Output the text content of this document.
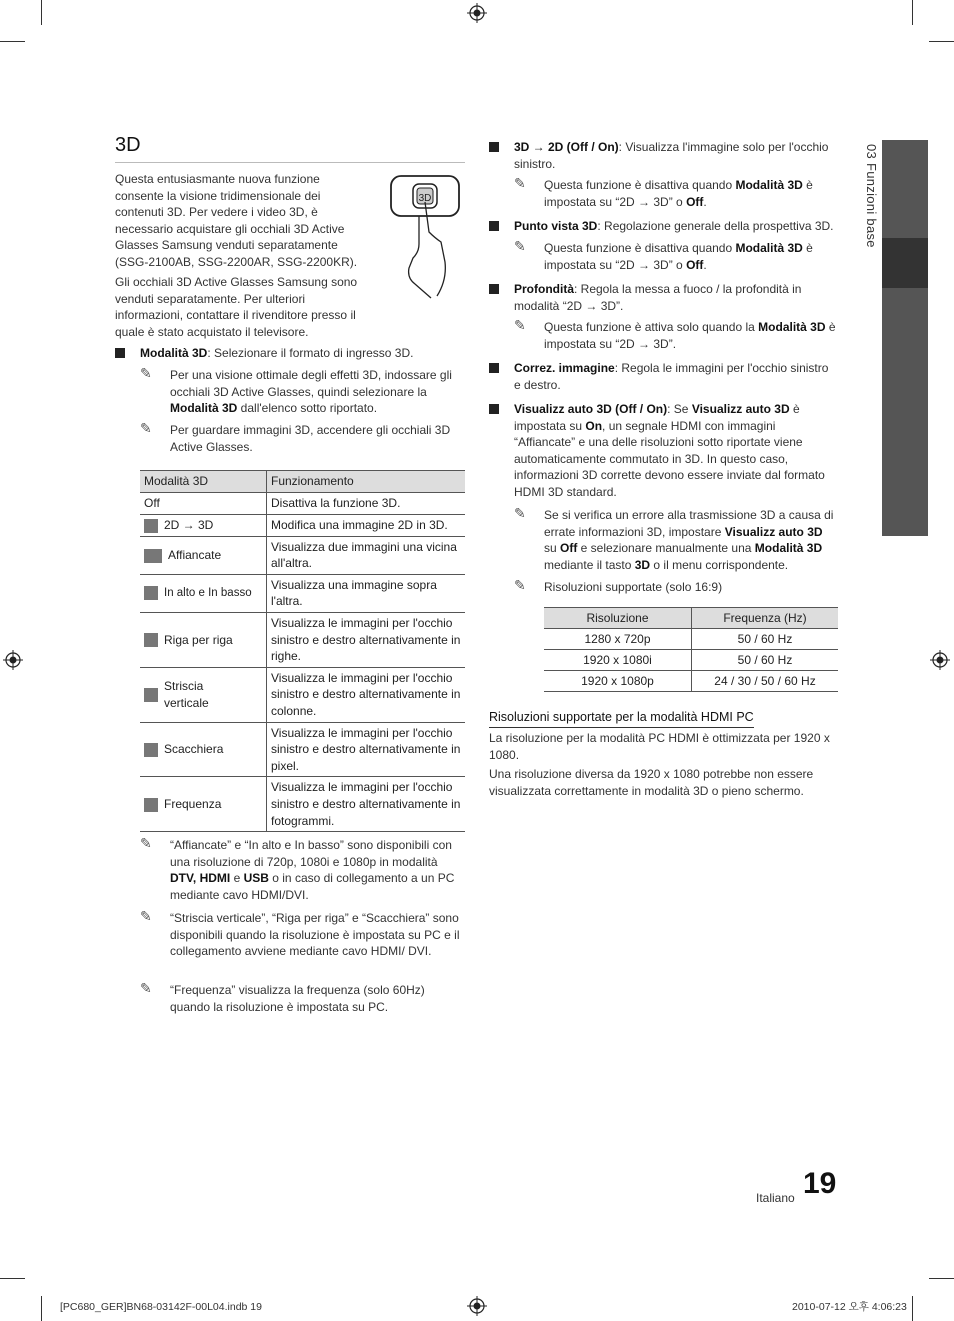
03 Funzioni base
3D
Questa entusiasmante nuova funzione consente la visione tridimensionale dei contenuti 3D. Per vedere i video 3D, è necessario acquistare gli occhiali 3D Active Glasses Samsung venduti separatamente (SSG-2100AB, SSG-2200AR, SSG-2200KR).
Gli occhiali 3D Active Glasses Samsung sono venduti separatamente. Per ulteriori informazioni, contattare il rivenditore presso il quale è stato acquistato il televisore.
3D
Modalità 3D: Selezionare il formato di ingresso 3D.
✎ Per una visione ottimale degli effetti 3D, indossare gli occhiali 3D Active Glasses, quindi selezionare la Modalità 3D dall'elenco sotto riportato.
✎ Per guardare immagini 3D, accendere gli occhiali 3D Active Glasses.
Modalità 3D	Funzionamento
Off	Disattiva la funzione 3D.
2D → 3D	Modifica una immagine 2D in 3D.
Affiancate	Visualizza due immagini una vicina all'altra.
In alto e In basso	Visualizza una immagine sopra l'altra.
Riga per riga	Visualizza le immagini per l'occhio sinistro e destro alternativamente in righe.

Striscia verticale	Visualizza le immagini per l'occhio sinistro e destro alternativamente in colonne.
Scacchiera	Visualizza le immagini per l'occhio sinistro e destro alternativamente in pixel.
Frequenza	Visualizza le immagini per l'occhio sinistro e destro alternativamente in fotogrammi.
✎ “Affiancate” e “In alto e In basso” sono disponibili con una risoluzione di 720p, 1080i e 1080p in modalità DTV, HDMI e USB o in caso di collegamento a un PC mediante cavo HDMI/DVI.
✎ “Striscia verticale”, “Riga per riga” e “Scacchiera” sono disponibili quando la risoluzione è impostata su PC e il collegamento avviene mediante cavo HDMI/ DVI.
✎ “Frequenza” visualizza la frequenza (solo 60Hz) quando la risoluzione è impostata su PC.
3D → 2D (Off / On): Visualizza l'immagine solo per l'occhio sinistro.
✎ Questa funzione è disattiva quando Modalità 3D è impostata su “2D → 3D” o Off.
Punto vista 3D: Regolazione generale della prospettiva 3D.
✎ Questa funzione è disattiva quando Modalità 3D è impostata su “2D → 3D” o Off.
Profondità: Regola la messa a fuoco / la profondità in modalità “2D → 3D”.
✎ Questa funzione è attiva solo quando la Modalità 3D è impostata su “2D → 3D”.
Correz. immagine: Regola le immagini per l'occhio sinistro e destro.
Visualizz auto 3D (Off / On): Se Visualizz auto 3D è impostata su On, un segnale HDMI con immagini “Affiancate” e una delle risoluzioni sotto riportate viene automaticamente commutato in 3D. In questo caso, informazioni 3D corrette devono essere inviate dal formato HDMI 3D standard.
✎ Se si verifica un errore alla trasmissione 3D a causa di errate informazioni 3D, impostare Visualizz auto 3D su Off e selezionare manualmente una Modalità 3D mediante il tasto 3D o il menu corrispondente.
✎ Risoluzioni supportate (solo 16:9)
Risoluzione	Frequenza (Hz)
1280 x 720p	50 / 60 Hz
1920 x 1080i	50 / 60 Hz
1920 x 1080p	24 / 30 / 50 / 60 Hz
Risoluzioni supportate per la modalità HDMI PC
La risoluzione per la modalità PC HDMI è ottimizzata per 1920 x 1080.
Una risoluzione diversa da 1920 x 1080 potrebbe non essere visualizzata correttamente in modalità 3D o pieno schermo.
Italiano 19
[PC680_GER]BN68-03142F-00L04.indb 19	2010-07-12 오후 4:06:23
